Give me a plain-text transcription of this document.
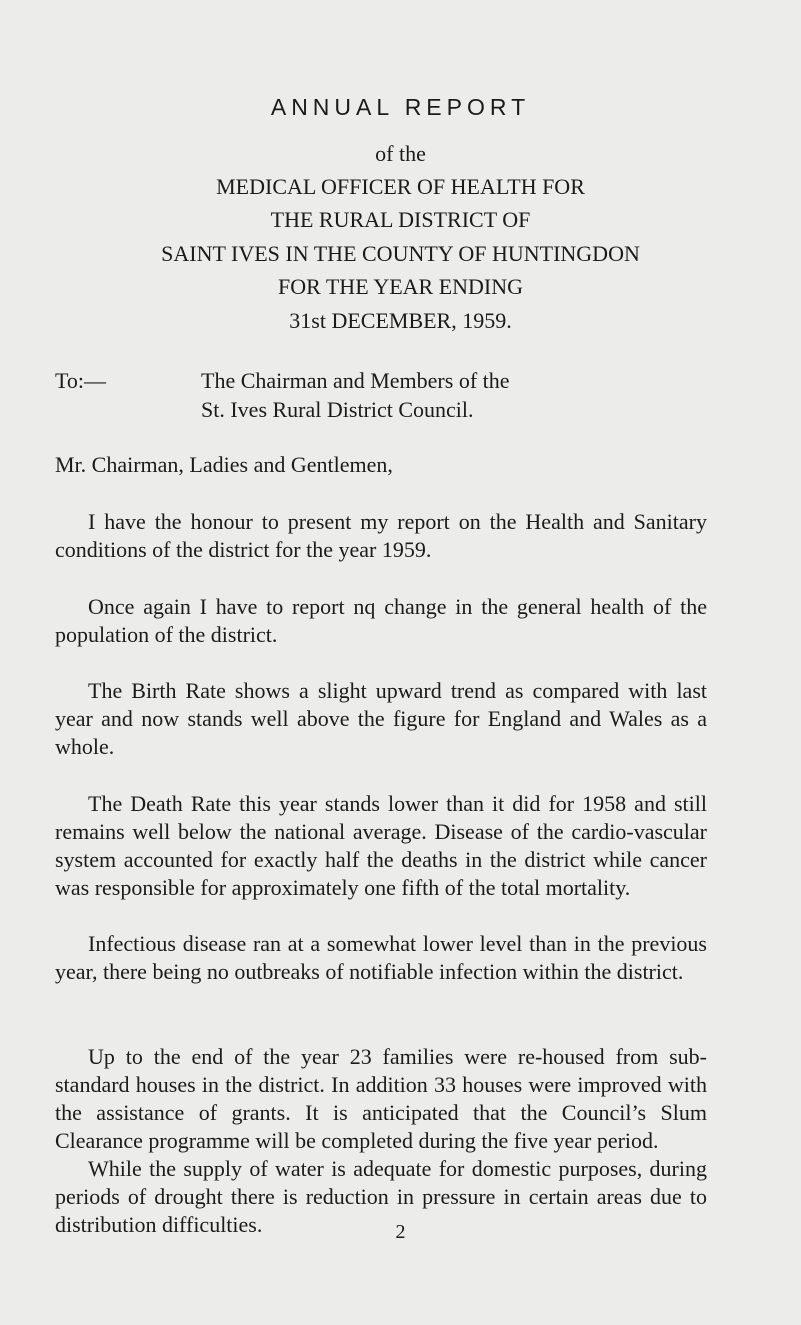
ANNUAL REPORT

of the

MEDICAL OFFICER OF HEALTH FOR

THE RURAL DISTRICT OF

SAINT IVES IN THE COUNTY OF HUNTINGDON

FOR THE YEAR ENDING

31st DECEMBER, 1959.

To:—	The Chairman and Members of the

St. Ives Rural District Council.

Mr. Chairman, Ladies and Gentlemen,

I have the honour to present my report on the Health and Sanitary conditions of the district for the year 1959.

Once again I have to report nq change in the general health of the population of the district.

The Birth Rate shows a slight upward trend as compared with last year and now stands well above the figure for England and Wales as a whole.

The Death Rate this year stands lower than it did for 1958 and still remains well below the national average. Disease of the cardio-vascular system accounted for exactly half the deaths in the district while cancer was responsible for approximately one fifth of the total mortality.

Infectious disease ran at a somewhat lower level than in the previous year, there being no outbreaks of notifiable infection within the district.

Up to the end of the year 23 families were re-housed from sub-standard houses in the district. In addition 33 houses were improved with the assistance of grants. It is anticipated that the Council’s Slum Clearance programme will be completed during the five year period.

While the supply of water is adequate for domestic purposes, during periods of drought there is reduction in pressure in certain areas due to distribution difficulties.	2
